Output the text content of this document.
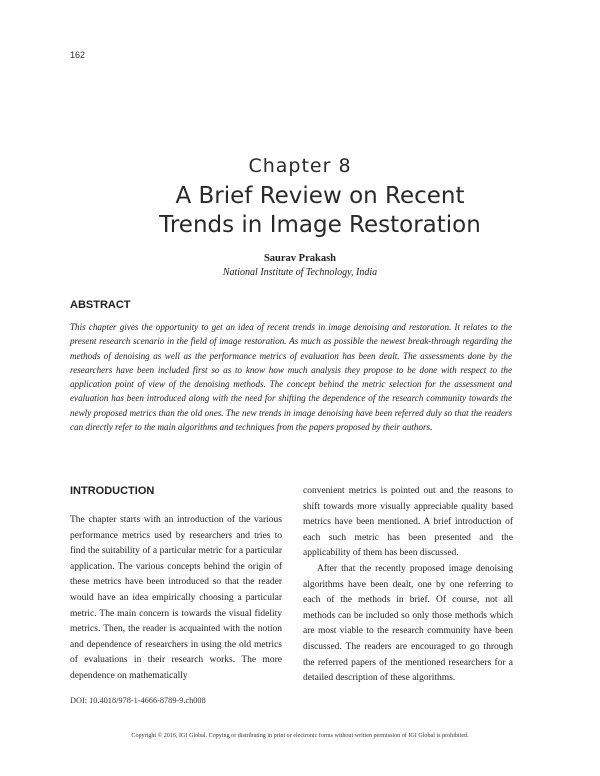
162
Chapter 8
A Brief Review on Recent
Trends in Image Restoration
Saurav Prakash
National Institute of Technology, India
ABSTRACT
This chapter gives the opportunity to get an idea of recent trends in image denoising and restoration. It relates to the present research scenario in the field of image restoration. As much as possible the newest break-through regarding the methods of denoising as well as the performance metrics of evaluation has been dealt. The assessments done by the researchers have been included first so as to know how much analysis they propose to be done with respect to the application point of view of the denoising methods. The concept behind the metric selection for the assessment and evaluation has been introduced along with the need for shifting the dependence of the research community towards the newly proposed metrics than the old ones. The new trends in image denoising have been referred duly so that the readers can directly refer to the main algorithms and techniques from the papers proposed by their authors.
INTRODUCTION

The chapter starts with an introduction of the various performance metrics used by researchers and tries to find the suitability of a particular metric for a particular application. The various concepts behind the origin of these metrics have been introduced so that the reader would have an idea empirically choosing a particular metric. The main concern is towards the visual fidelity metrics. Then, the reader is acquainted with the notion and dependence of researchers in using the old metrics of evaluations in their research works. The more dependence on mathematically

convenient metrics is pointed out and the reasons to shift towards more visually appreciable quality based metrics have been mentioned. A brief introduction of each such metric has been presented and the applicability of them has been discussed.

After that the recently proposed image denoising algorithms have been dealt, one by one referring to each of the methods in brief. Of course, not all methods can be included so only those methods which are most viable to the research community have been discussed. The readers are encouraged to go through the referred papers of the mentioned researchers for a detailed description of these algorithms.

DOI: 10.4018/978-1-4666-8789-9.ch008
Copyright © 2016, IGI Global. Copying or distributing in print or electronic forms without written permission of IGI Global is prohibited.
